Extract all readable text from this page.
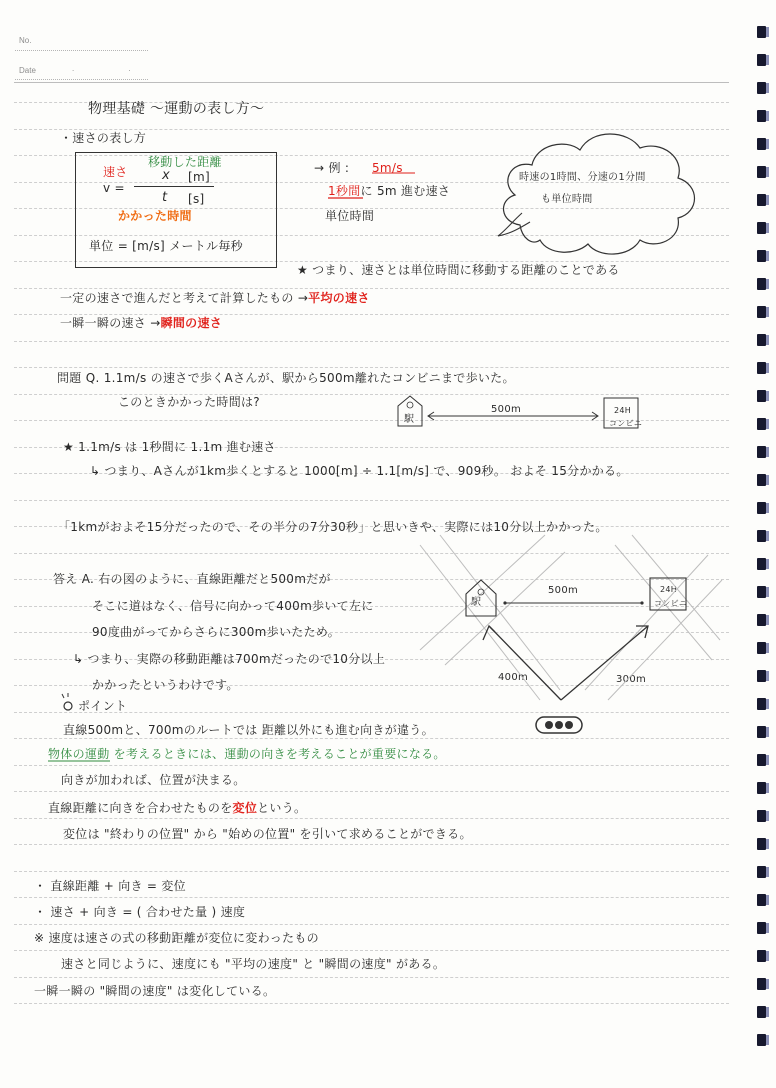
No.
Date	. .
物理基礎 ～運動の表し方～
・速さの表し方
速さ
v =
移動した距離
x [m]
t [s]
かかった時間
単位 = [m/s] メートル毎秒
→ 例 : 5m/s
1秒間に 5m 進む速さ
単位時間
時速の1時間、分速の1分間
も単位時間
★ つまり、速さとは単位時間に移動する距離のことである
一定の速さで進んだと考えて計算したもの →平均の速さ
一瞬一瞬の速さ →瞬間の速さ
問題 Q. 1.1m/s の速さで歩くAさんが、駅から500m離れたコンビニまで歩いた。
このときかかった時間は?
500m
駅
24H
コンビニ
★ 1.1m/s は 1秒間に 1.1m 進む速さ
↳ つまり、Aさんが1km歩くとすると 1000[m] ÷ 1.1[m/s] で、909秒。 およそ 15分かかる。
「1kmがおよそ15分だったので、その半分の7分30秒」と思いきや、実際には10分以上かかった。
答え A. 右の図のように、直線距離だと500mだが
そこに道はなく、信号に向かって400m歩いて左に
90度曲がってからさらに300m歩いたため。
↳ つまり、実際の移動距離は700mだったので10分以上
かかったというわけです。
500m
400m	300m
駅
24H
コンビニ
ポイント
直線500mと、700mのルートでは 距離以外にも進む向きが違う。
物体の運動 を考えるときには、運動の向きを考えることが重要になる。
向きが加われば、位置が決まる。
直線距離に向きを合わせたものを変位という。
変位は "終わりの位置" から "始めの位置" を引いて求めることができる。
・ 直線距離 + 向き = 変位
・ 速さ + 向き = ( 合わせた量 ) 速度
※ 速度は速さの式の移動距離が変位に変わったもの
速さと同じように、速度にも "平均の速度" と "瞬間の速度" がある。
一瞬一瞬の "瞬間の速度" は変化している。
